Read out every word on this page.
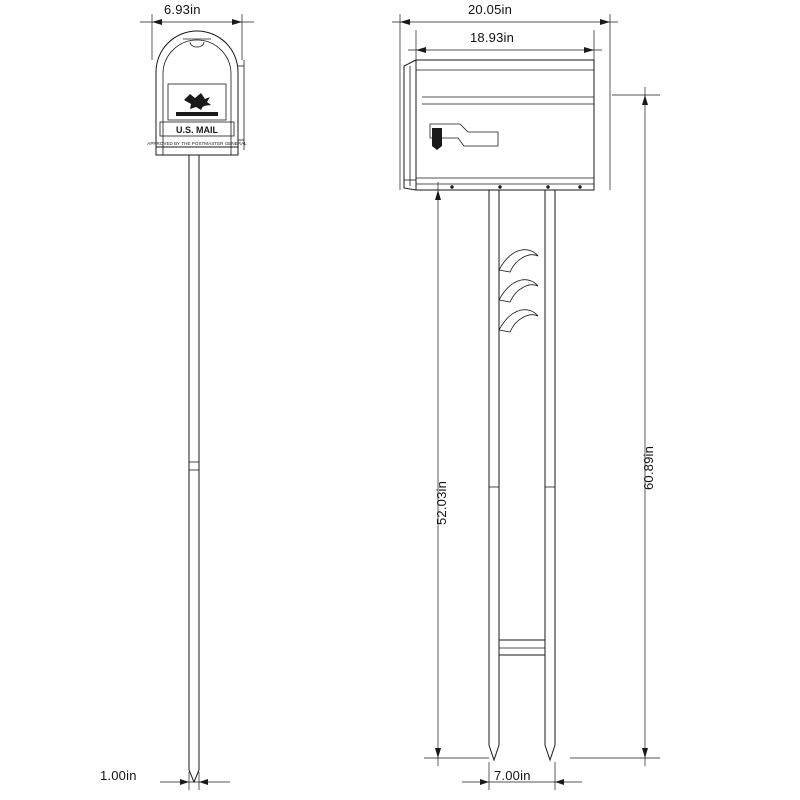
U.S. MAIL
APPROVED BY THE POSTMASTER GENERAL
6.93in
1.00in
20.05in
18.93in
52.03in
60.89in
7.00in
